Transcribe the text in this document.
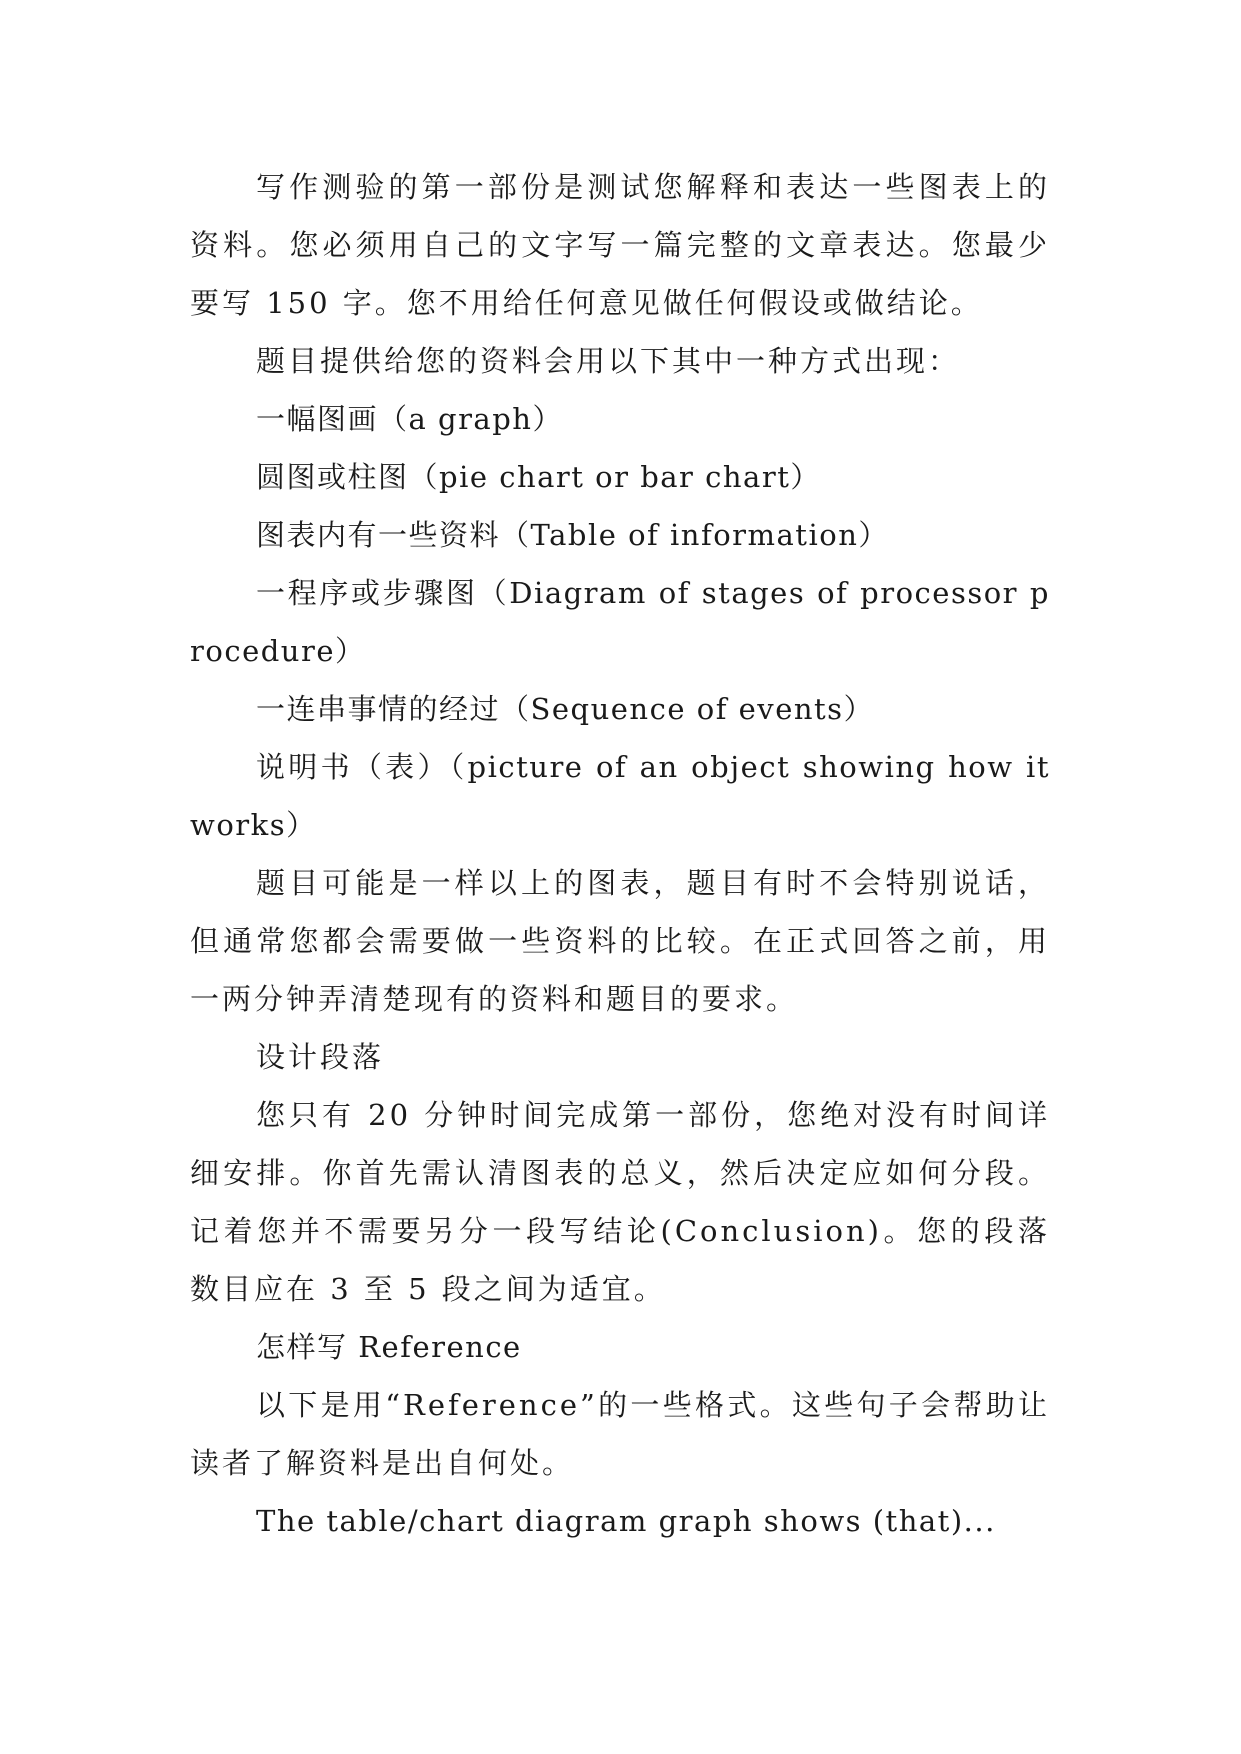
写作测验的第一部份是测试您解释和表达一些图表上的资料。您必须用自己的文字写一篇完整的文章表达。您最少要写 150 字。您不用给任何意见做任何假设或做结论。

题目提供给您的资料会用以下其中一种方式出现：

一幅图画（a graph）

圆图或柱图（pie chart or bar chart）

图表内有一些资料（Table of information）

一程序或步骤图（Diagram of stages of processor procedure）

一连串事情的经过（Sequence of events）

说明书（表）（picture of an object showing how it works）

题目可能是一样以上的图表，题目有时不会特别说话，但通常您都会需要做一些资料的比较。在正式回答之前，用一两分钟弄清楚现有的资料和题目的要求。

设计段落

您只有 20 分钟时间完成第一部份，您绝对没有时间详细安排。你首先需认清图表的总义，然后决定应如何分段。记着您并不需要另分一段写结论(Conclusion)。您的段落数目应在 3 至 5 段之间为适宜。

怎样写 Reference

以下是用“Reference”的一些格式。这些句子会帮助让读者了解资料是出自何处。

The table/chart diagram graph shows (that)...
